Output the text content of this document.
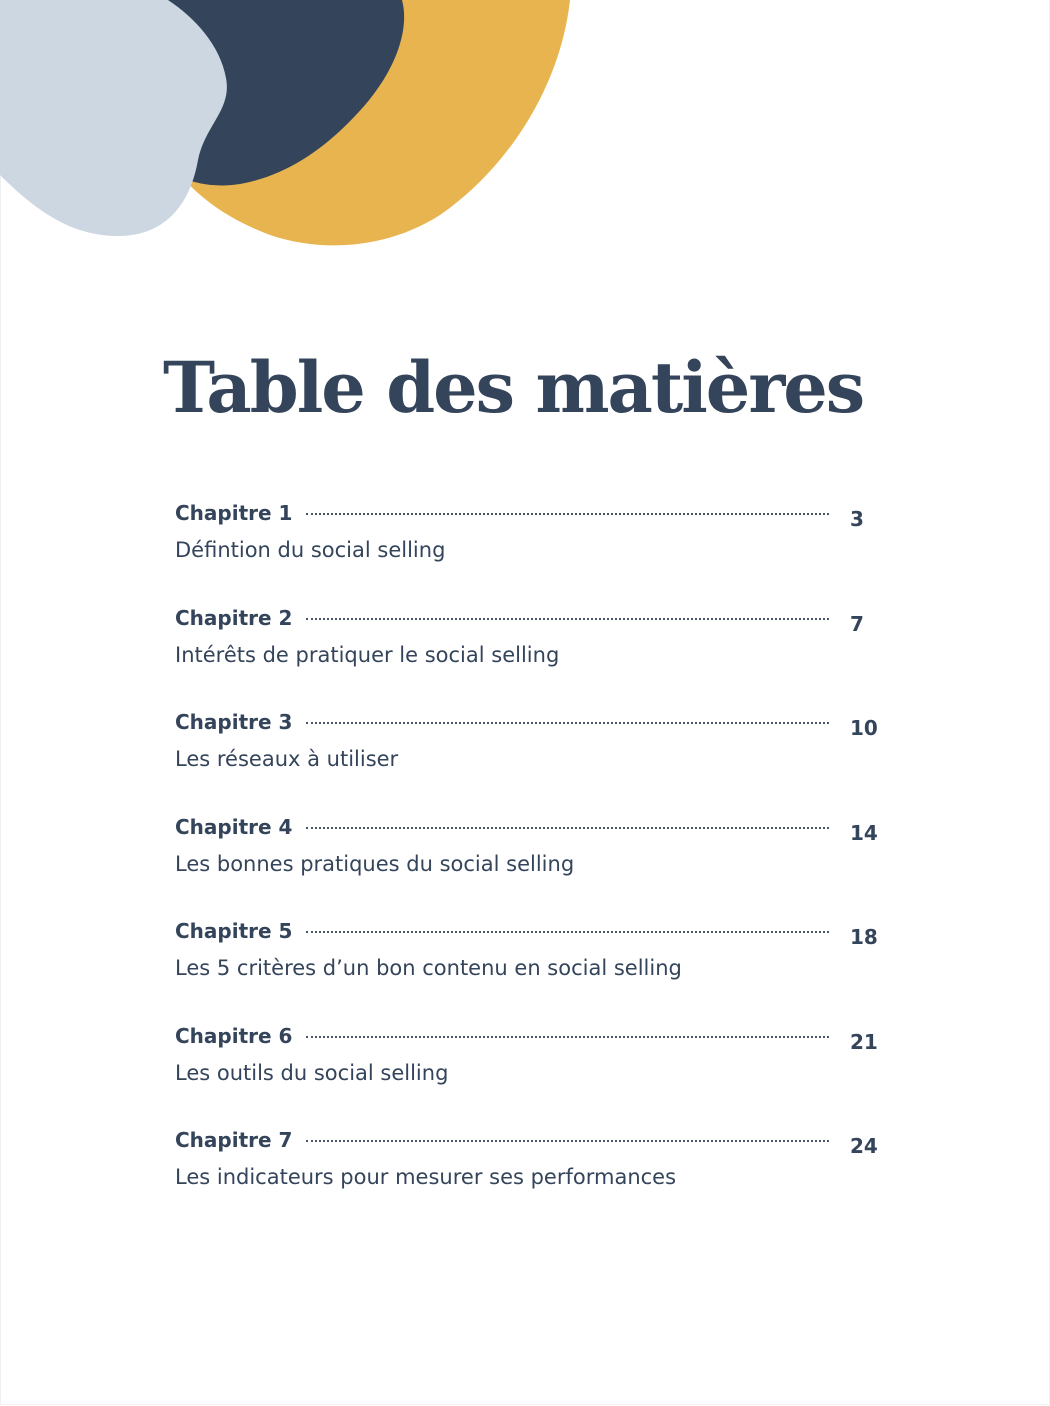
Table des matières
Chapitre 1	3
Défintion du social selling
Chapitre 2	7
Intérêts de pratiquer le social selling
Chapitre 3	10
Les réseaux à utiliser
Chapitre 4	14
Les bonnes pratiques du social selling
Chapitre 5	18
Les 5 critères d’un bon contenu en social selling
Chapitre 6	21
Les outils du social selling
Chapitre 7	24
Les indicateurs pour mesurer ses performances
